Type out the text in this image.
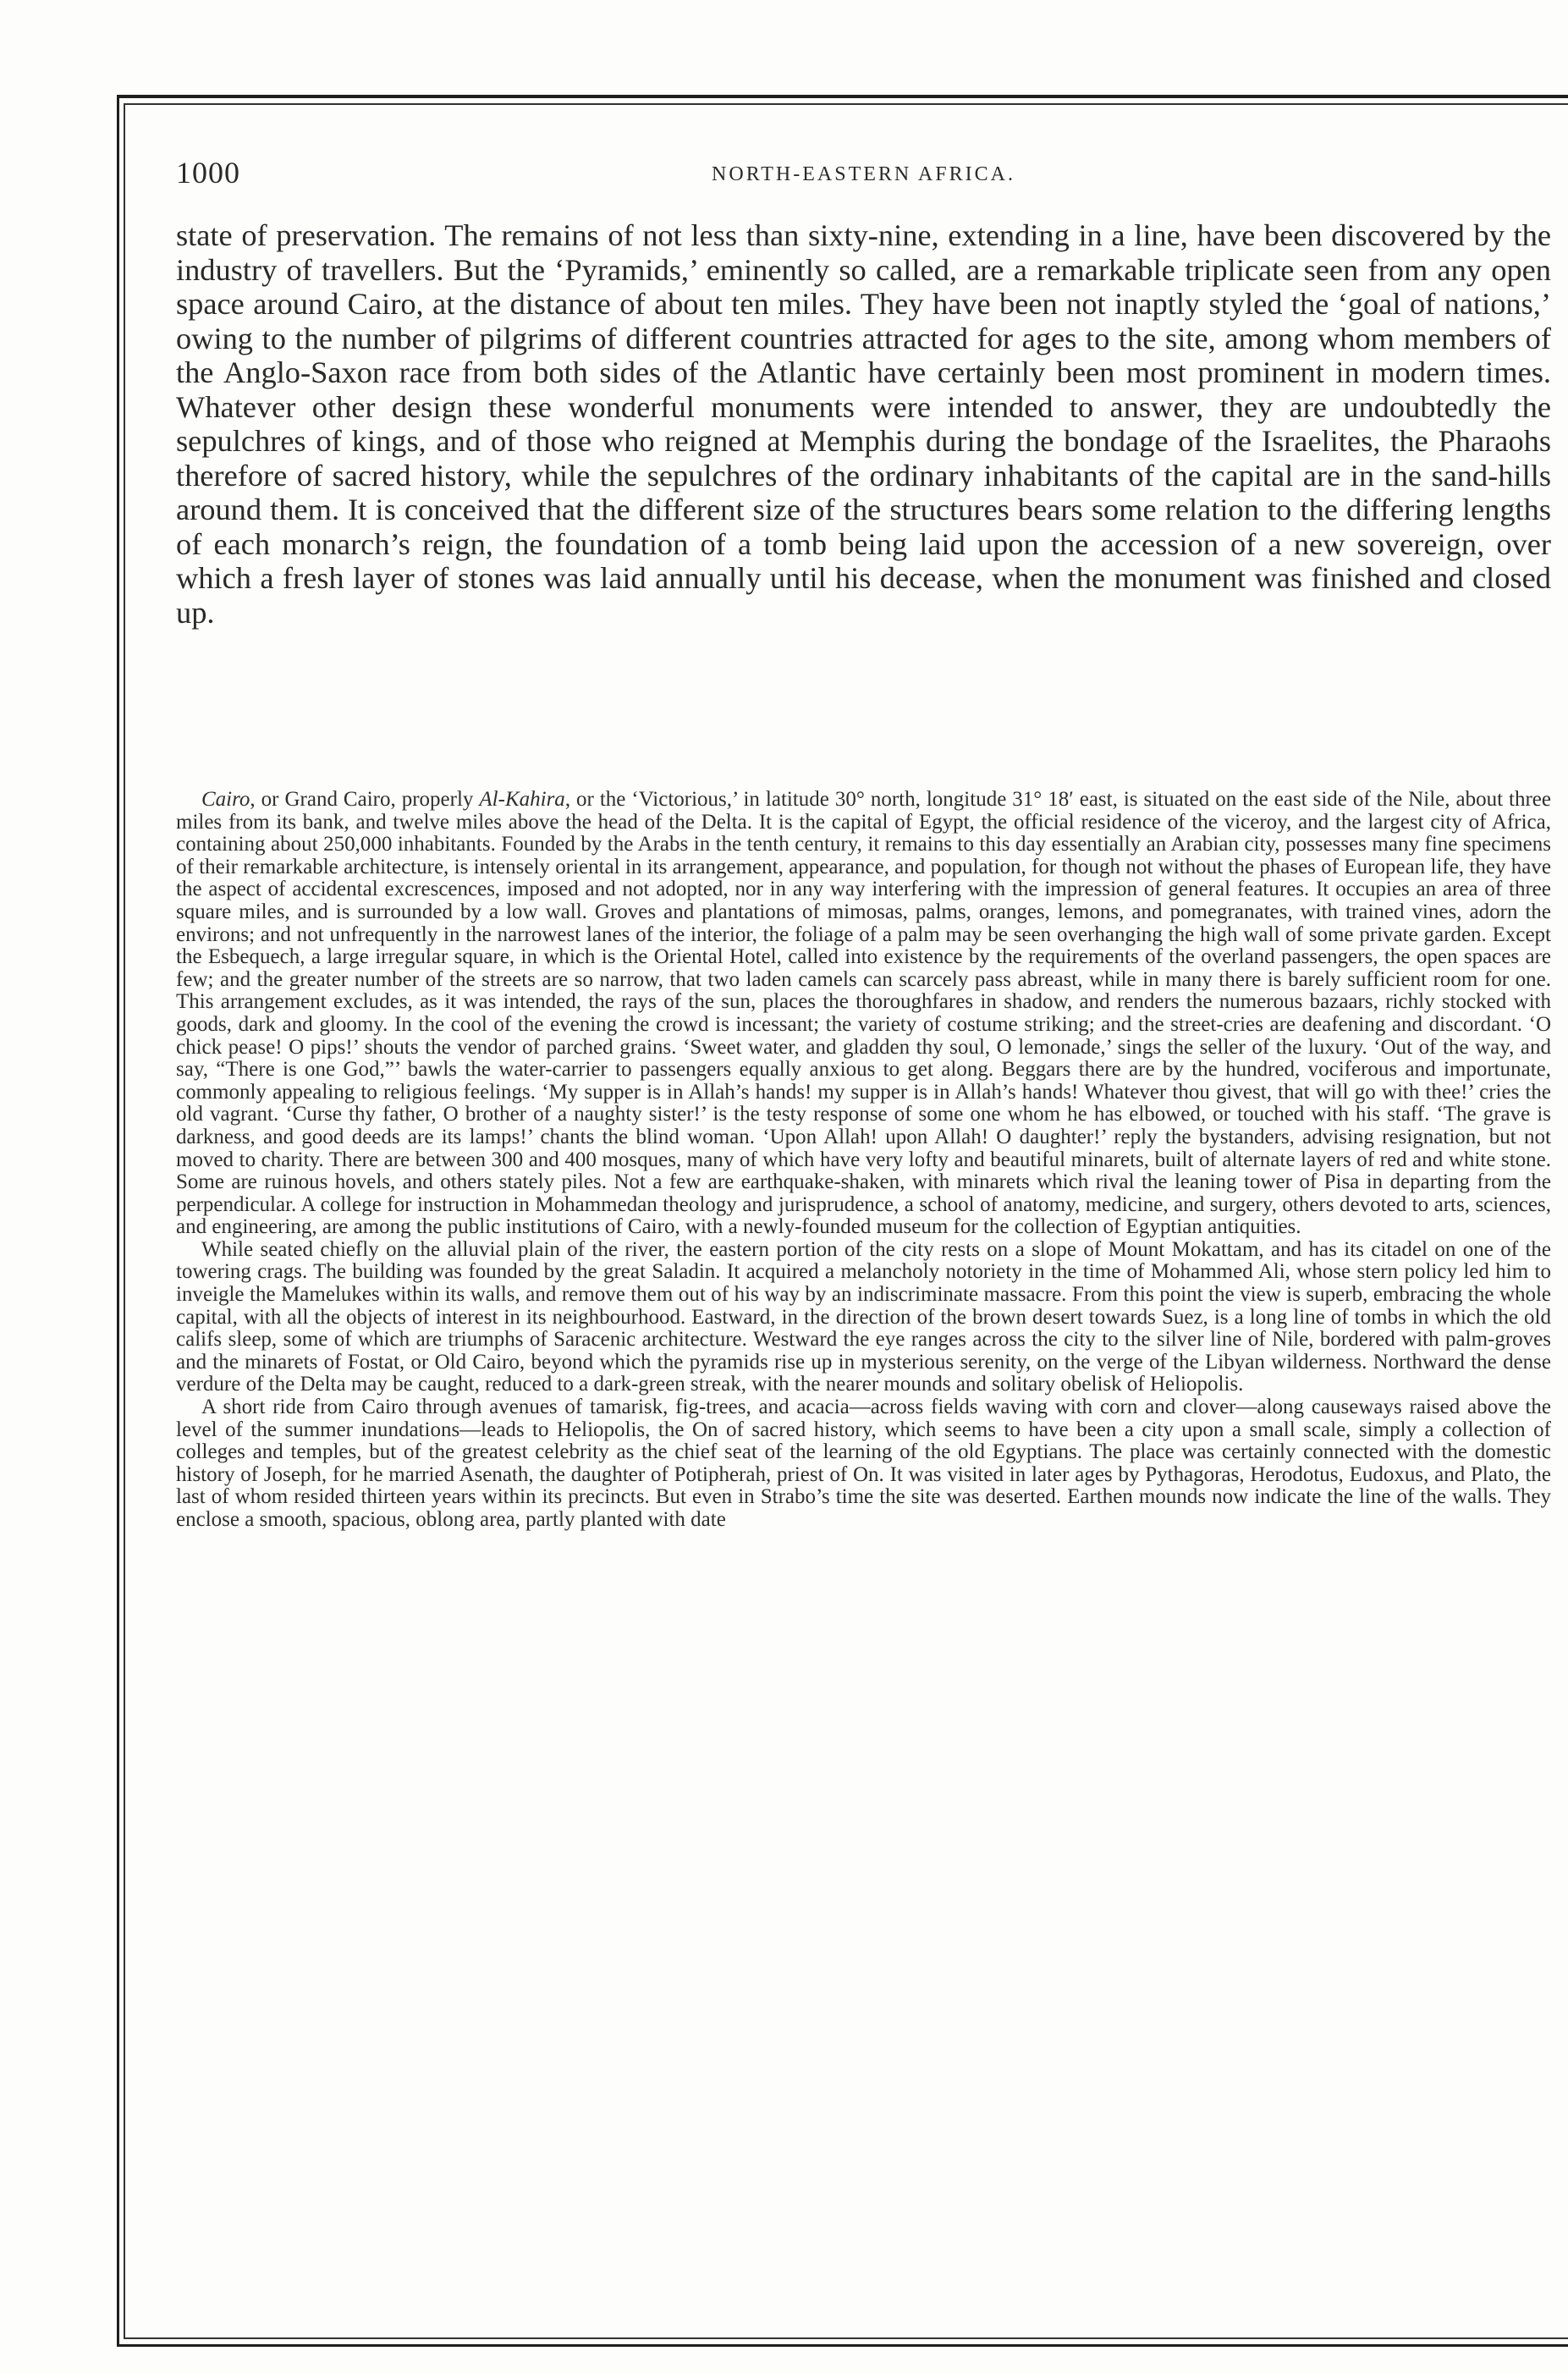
1000	NORTH-EASTERN AFRICA.

state of preservation. The remains of not less than sixty-nine, extending in a line, have been discovered by the industry of travellers. But the ‘Pyramids,’ eminently so called, are a remarkable triplicate seen from any open space around Cairo, at the distance of about ten miles. They have been not inaptly styled the ‘goal of nations,’ owing to the number of pilgrims of different countries attracted for ages to the site, among whom members of the Anglo-Saxon race from both sides of the Atlantic have certainly been most prominent in modern times. Whatever other design these wonderful monuments were intended to answer, they are undoubtedly the sepulchres of kings, and of those who reigned at Memphis during the bondage of the Israelites, the Pharaohs therefore of sacred history, while the sepulchres of the ordinary inhabitants of the capital are in the sand-hills around them. It is conceived that the different size of the structures bears some relation to the differing lengths of each monarch’s reign, the foundation of a tomb being laid upon the accession of a new sovereign, over which a fresh layer of stones was laid annually until his decease, when the monument was finished and closed up.

Cairo, or Grand Cairo, properly Al-Kahira, or the ‘Victorious,’ in latitude 30° north, longitude 31° 18′ east, is situated on the east side of the Nile, about three miles from its bank, and twelve miles above the head of the Delta. It is the capital of Egypt, the official residence of the viceroy, and the largest city of Africa, containing about 250,000 inhabitants. Founded by the Arabs in the tenth century, it remains to this day essentially an Arabian city, possesses many fine specimens of their remarkable architecture, is intensely oriental in its arrangement, appearance, and population, for though not without the phases of European life, they have the aspect of accidental excrescences, imposed and not adopted, nor in any way interfering with the impression of general features. It occupies an area of three square miles, and is surrounded by a low wall. Groves and plantations of mimosas, palms, oranges, lemons, and pomegranates, with trained vines, adorn the environs; and not unfrequently in the narrowest lanes of the interior, the foliage of a palm may be seen overhanging the high wall of some private garden. Except the Esbequech, a large irregular square, in which is the Oriental Hotel, called into existence by the requirements of the overland passengers, the open spaces are few; and the greater number of the streets are so narrow, that two laden camels can scarcely pass abreast, while in many there is barely sufficient room for one. This arrangement excludes, as it was intended, the rays of the sun, places the thoroughfares in shadow, and renders the numerous bazaars, richly stocked with goods, dark and gloomy. In the cool of the evening the crowd is incessant; the variety of costume striking; and the street-cries are deafening and discordant. ‘O chick pease! O pips!’ shouts the vendor of parched grains. ‘Sweet water, and gladden thy soul, O lemonade,’ sings the seller of the luxury. ‘Out of the way, and say, “There is one God,”’ bawls the water-carrier to passengers equally anxious to get along. Beggars there are by the hundred, vociferous and importunate, commonly appealing to religious feelings. ‘My supper is in Allah’s hands! my supper is in Allah’s hands! Whatever thou givest, that will go with thee!’ cries the old vagrant. ‘Curse thy father, O brother of a naughty sister!’ is the testy response of some one whom he has elbowed, or touched with his staff. ‘The grave is darkness, and good deeds are its lamps!’ chants the blind woman. ‘Upon Allah! upon Allah! O daughter!’ reply the bystanders, advising resignation, but not moved to charity. There are between 300 and 400 mosques, many of which have very lofty and beautiful minarets, built of alternate layers of red and white stone. Some are ruinous hovels, and others stately piles. Not a few are earthquake-shaken, with minarets which rival the leaning tower of Pisa in departing from the perpendicular. A college for instruction in Mohammedan theology and jurisprudence, a school of anatomy, medicine, and surgery, others devoted to arts, sciences, and engineering, are among the public institutions of Cairo, with a newly-founded museum for the collection of Egyptian antiquities.

While seated chiefly on the alluvial plain of the river, the eastern portion of the city rests on a slope of Mount Mokattam, and has its citadel on one of the towering crags. The building was founded by the great Saladin. It acquired a melancholy notoriety in the time of Mohammed Ali, whose stern policy led him to inveigle the Mamelukes within its walls, and remove them out of his way by an indiscriminate massacre. From this point the view is superb, embracing the whole capital, with all the objects of interest in its neighbourhood. Eastward, in the direction of the brown desert towards Suez, is a long line of tombs in which the old califs sleep, some of which are triumphs of Saracenic architecture. Westward the eye ranges across the city to the silver line of Nile, bordered with palm-groves and the minarets of Fostat, or Old Cairo, beyond which the pyramids rise up in mysterious serenity, on the verge of the Libyan wilderness. Northward the dense verdure of the Delta may be caught, reduced to a dark-green streak, with the nearer mounds and solitary obelisk of Heliopolis.

A short ride from Cairo through avenues of tamarisk, fig-trees, and acacia—across fields waving with corn and clover—along causeways raised above the level of the summer inundations—leads to Heliopolis, the On of sacred history, which seems to have been a city upon a small scale, simply a collection of colleges and temples, but of the greatest celebrity as the chief seat of the learning of the old Egyptians. The place was certainly connected with the domestic history of Joseph, for he married Asenath, the daughter of Potipherah, priest of On. It was visited in later ages by Pythagoras, Herodotus, Eudoxus, and Plato, the last of whom resided thirteen years within its precincts. But even in Strabo’s time the site was deserted. Earthen mounds now indicate the line of the walls. They enclose a smooth, spacious, oblong area, partly planted with date
